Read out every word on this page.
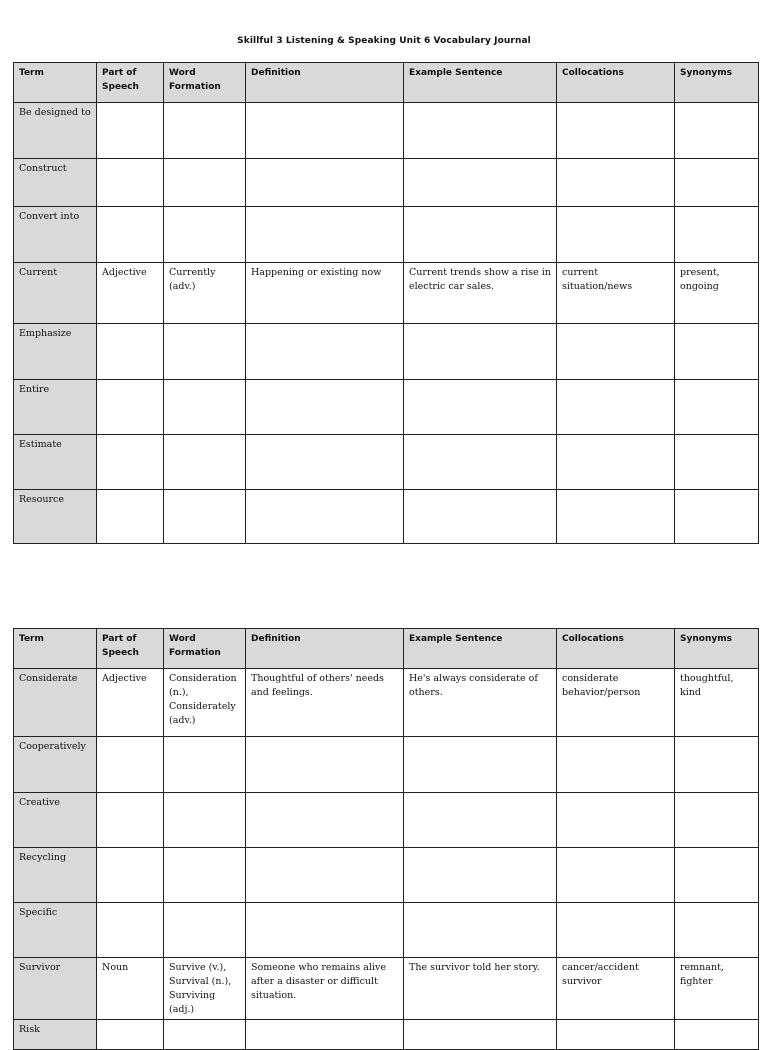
Skillful 3 Listening & Speaking Unit 6 Vocabulary Journal
Term	Part of Speech	Word Formation	Definition	Example Sentence	Collocations	Synonyms
Be designed to						
Construct						
Convert into						
Current	Adjective	Currently (adv.)	Happening or existing now	Current trends show a rise in electric car sales.	current situation/news	present, ongoing
Emphasize						
Entire						
Estimate						
Resource						
Term	Part of Speech	Word Formation	Definition	Example Sentence	Collocations	Synonyms
Considerate	Adjective	Consideration (n.), Considerately (adv.)	Thoughtful of others' needs and feelings.	He's always considerate of others.	considerate behavior/person	thoughtful, kind
Cooperatively						
Creative						
Recycling						
Specific						
Survivor	Noun	Survive (v.), Survival (n.), Surviving (adj.)	Someone who remains alive after a disaster or difficult situation.	The survivor told her story.	cancer/accident survivor	remnant, fighter
Risk						
